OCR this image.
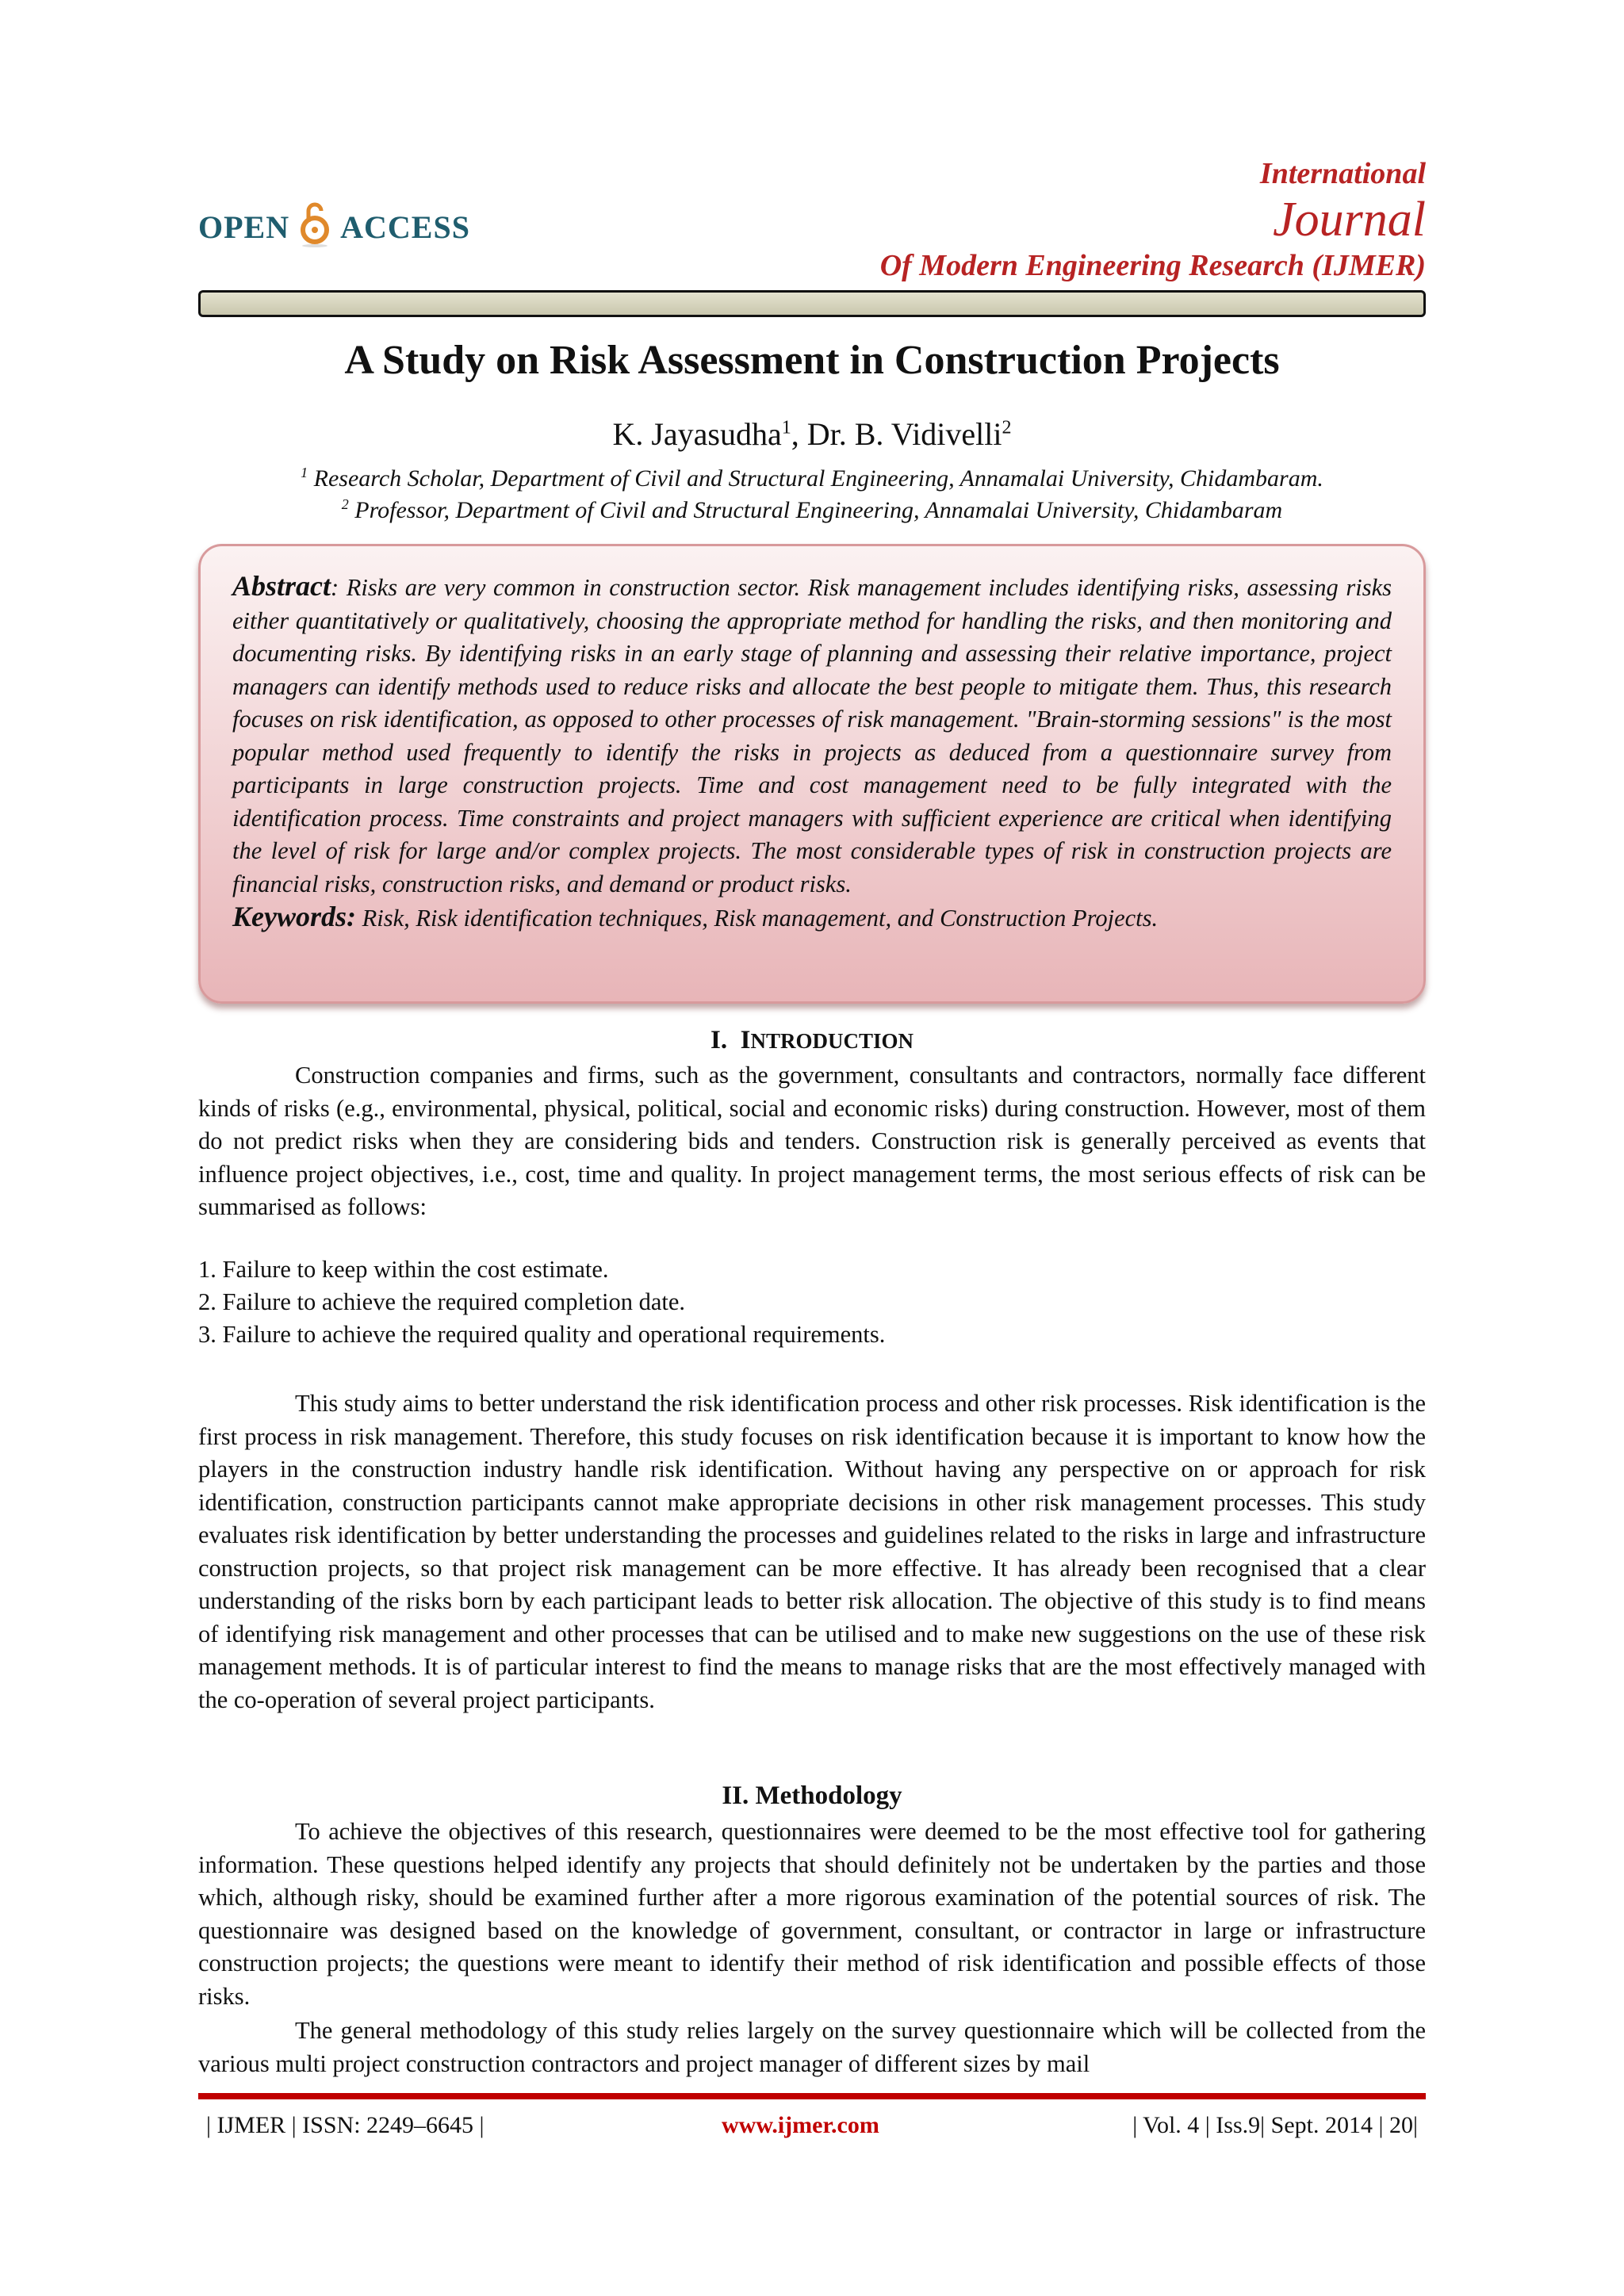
OPEN ACCESS
International
Journal
Of Modern Engineering Research (IJMER)
A Study on Risk Assessment in Construction Projects
K. Jayasudha$^1$, Dr. B. Vidivelli$^2$
$^1$ Research Scholar, Department of Civil and Structural Engineering, Annamalai University, Chidambaram.
$^2$ Professor, Department of Civil and Structural Engineering, Annamalai University, Chidambaram
Abstract: Risks are very common in construction sector. Risk management includes identifying risks, assessing risks either quantitatively or qualitatively, choosing the appropriate method for handling the risks, and then monitoring and documenting risks. By identifying risks in an early stage of planning and assessing their relative importance, project managers can identify methods used to reduce risks and allocate the best people to mitigate them. Thus, this research focuses on risk identification, as opposed to other processes of risk management. "Brain-storming sessions" is the most popular method used frequently to identify the risks in projects as deduced from a questionnaire survey from participants in large construction projects. Time and cost management need to be fully integrated with the identification process. Time constraints and project managers with sufficient experience are critical when identifying the level of risk for large and/or complex projects. The most considerable types of risk in construction projects are financial risks, construction risks, and demand or product risks.
Keywords: Risk, Risk identification techniques, Risk management, and Construction Projects.
I. INTRODUCTION
Construction companies and firms, such as the government, consultants and contractors, normally face different kinds of risks (e.g., environmental, physical, political, social and economic risks) during construction. However, most of them do not predict risks when they are considering bids and tenders. Construction risk is generally perceived as events that influence project objectives, i.e., cost, time and quality. In project management terms, the most serious effects of risk can be summarised as follows:
1. Failure to keep within the cost estimate.
2. Failure to achieve the required completion date.
3. Failure to achieve the required quality and operational requirements.
This study aims to better understand the risk identification process and other risk processes. Risk identification is the first process in risk management. Therefore, this study focuses on risk identification because it is important to know how the players in the construction industry handle risk identification. Without having any perspective on or approach for risk identification, construction participants cannot make appropriate decisions in other risk management processes. This study evaluates risk identification by better understanding the processes and guidelines related to the risks in large and infrastructure construction projects, so that project risk management can be more effective. It has already been recognised that a clear understanding of the risks born by each participant leads to better risk allocation. The objective of this study is to find means of identifying risk management and other processes that can be utilised and to make new suggestions on the use of these risk management methods. It is of particular interest to find the means to manage risks that are the most effectively managed with the co-operation of several project participants.
II. Methodology
To achieve the objectives of this research, questionnaires were deemed to be the most effective tool for gathering information. These questions helped identify any projects that should definitely not be undertaken by the parties and those which, although risky, should be examined further after a more rigorous examination of the potential sources of risk. The questionnaire was designed based on the knowledge of government, consultant, or contractor in large or infrastructure construction projects; the questions were meant to identify their method of risk identification and possible effects of those risks.
The general methodology of this study relies largely on the survey questionnaire which will be collected from the various multi project construction contractors and project manager of different sizes by mail
| IJMER | ISSN: 2249–6645 |	www.ijmer.com	| Vol. 4 | Iss.9| Sept. 2014 | 20|
